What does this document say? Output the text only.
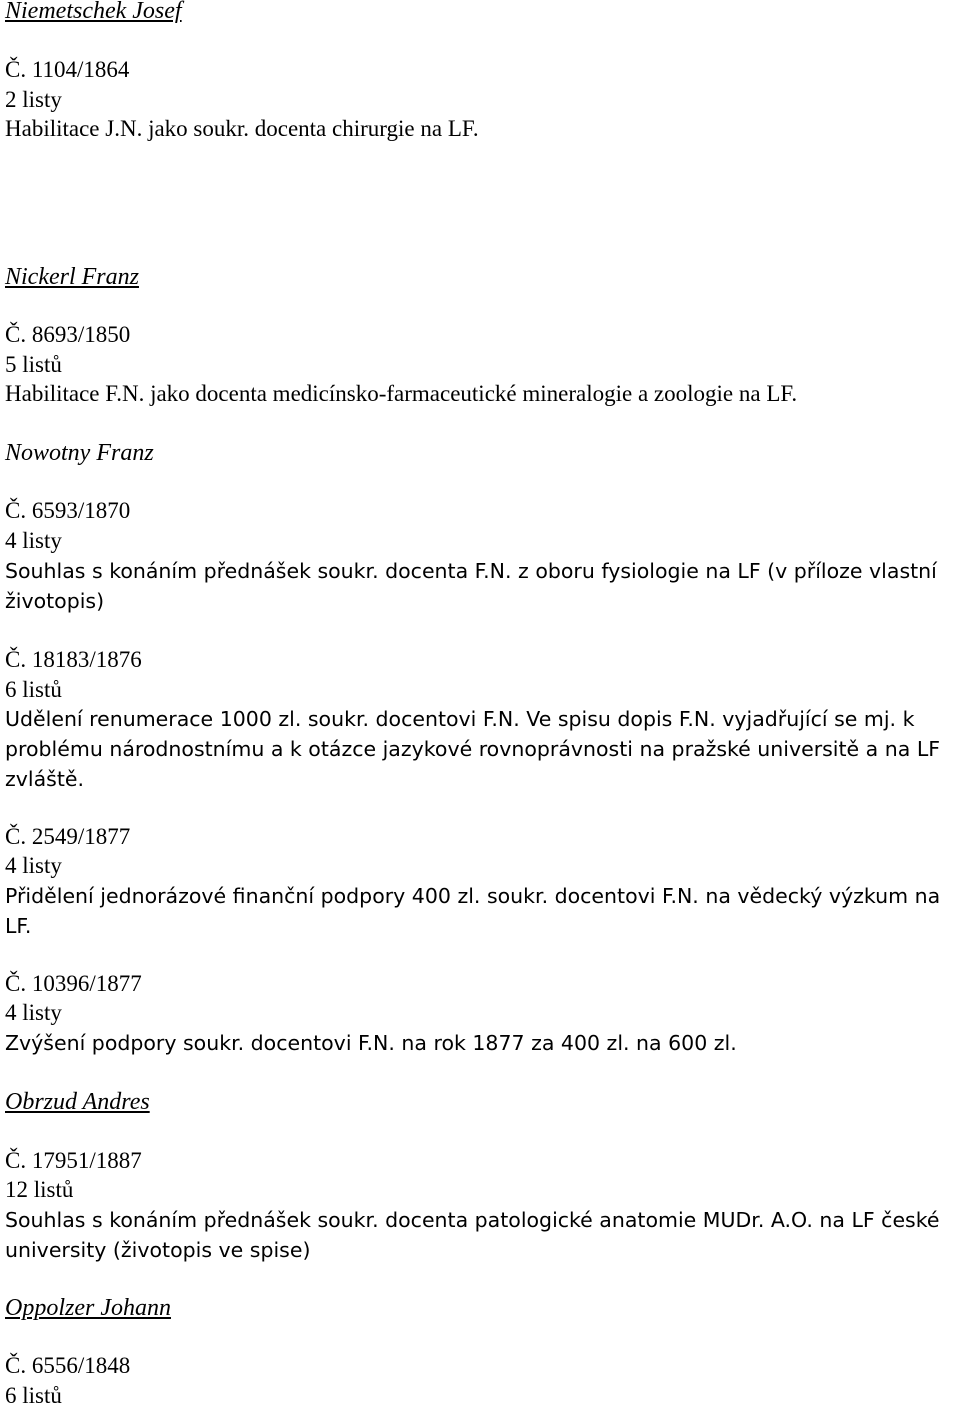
Niemetschek Josef
Č. 1104/1864
2 listy
Habilitace J.N. jako soukr. docenta chirurgie na LF.
Nickerl Franz
Č. 8693/1850
5 listů
Habilitace F.N. jako docenta medicínsko-farmaceutické mineralogie a zoologie na LF.
Nowotny Franz
Č. 6593/1870
4 listy
Souhlas s konáním přednášek soukr. docenta F.N. z oboru fysiologie na LF (v příloze vlastní
životopis)
Č. 18183/1876
6 listů
Udělení renumerace 1000 zl. soukr. docentovi F.N. Ve spisu dopis F.N. vyjadřující se mj. k
problému národnostnímu a k otázce jazykové rovnoprávnosti na pražské universitě a na LF
zvláště.
Č. 2549/1877
4 listy
Přidělení jednorázové finanční podpory 400 zl. soukr. docentovi F.N. na vědecký výzkum na
LF.
Č. 10396/1877
4 listy
Zvýšení podpory soukr. docentovi F.N. na rok 1877 za 400 zl. na 600 zl.
Obrzud Andres
Č. 17951/1887
12 listů
Souhlas s konáním přednášek soukr. docenta patologické anatomie MUDr. A.O. na LF české
university (životopis ve spise)
Oppolzer Johann
Č. 6556/1848
6 listů
